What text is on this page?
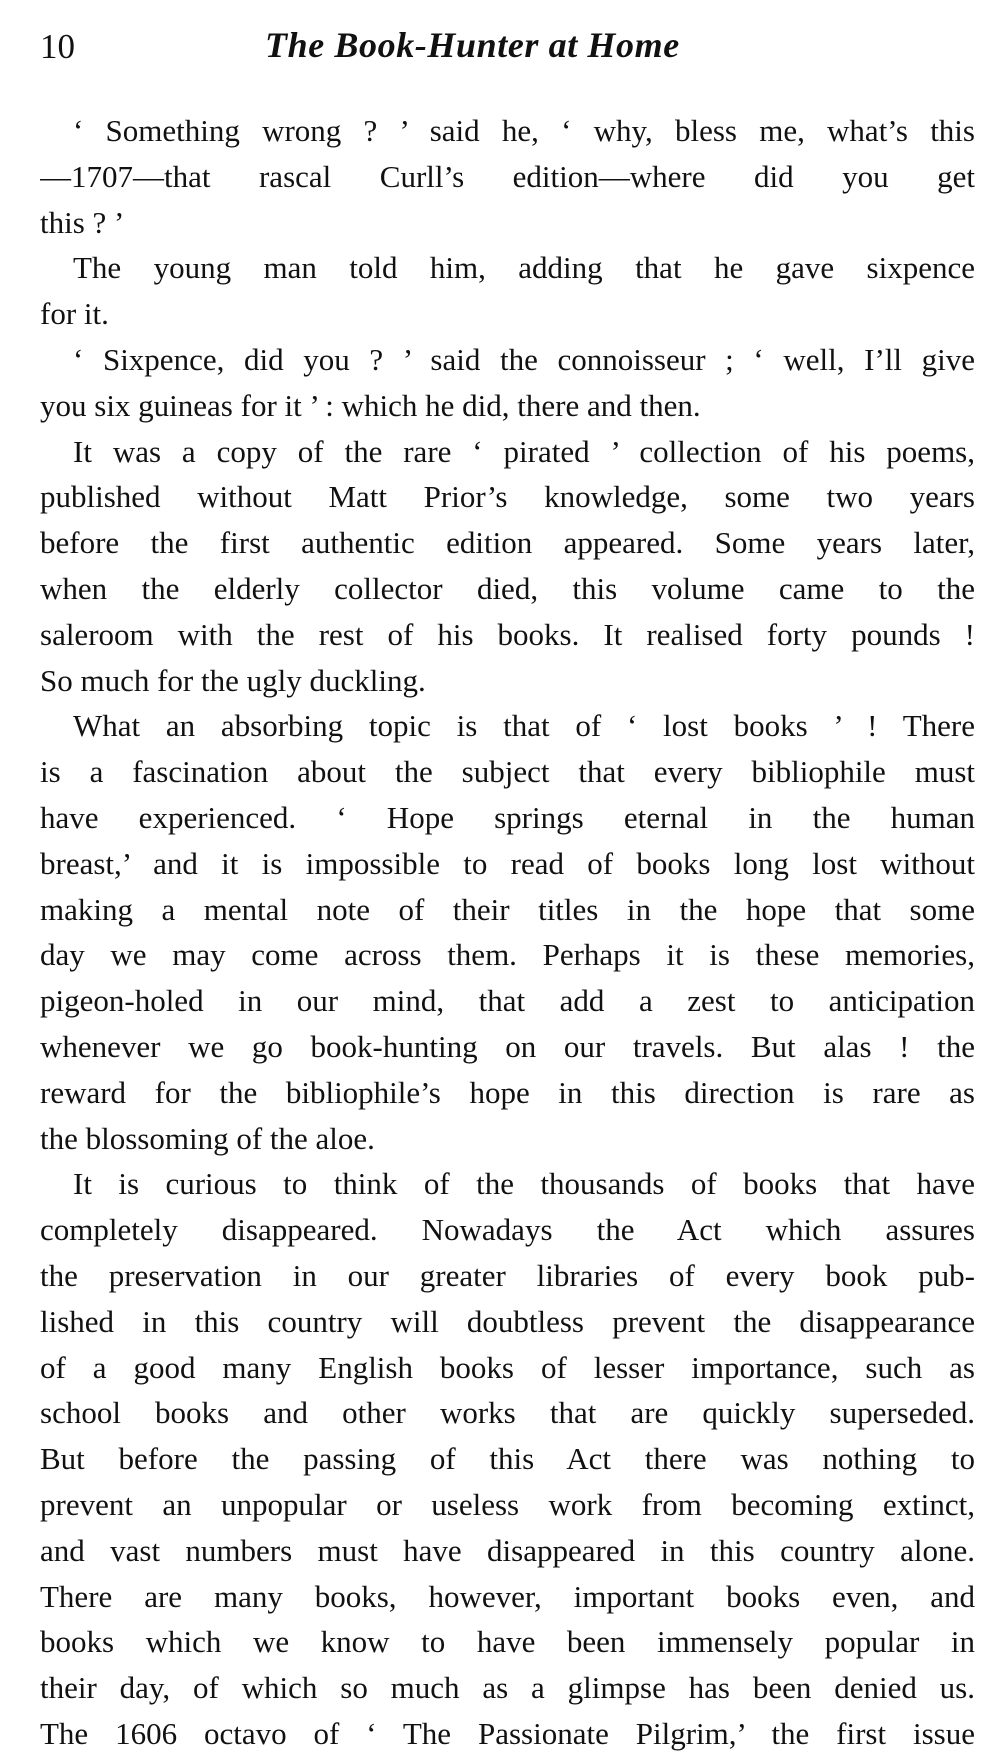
10	The Book-Hunter at Home
‘ Something wrong ? ’ said he, ‘ why, bless me, what’s this
—1707—that rascal Curll’s edition—where did you get
this ? ’
The young man told him, adding that he gave sixpence
for it.
‘ Sixpence, did you ? ’ said the connoisseur ; ‘ well, I’ll give
you six guineas for it ’ : which he did, there and then.
It was a copy of the rare ‘ pirated ’ collection of his poems,
published without Matt Prior’s knowledge, some two years
before the first authentic edition appeared. Some years later,
when the elderly collector died, this volume came to the
saleroom with the rest of his books. It realised forty pounds !
So much for the ugly duckling.
What an absorbing topic is that of ‘ lost books ’ ! There
is a fascination about the subject that every bibliophile must
have experienced. ‘ Hope springs eternal in the human
breast,’ and it is impossible to read of books long lost without
making a mental note of their titles in the hope that some
day we may come across them. Perhaps it is these memories,
pigeon-holed in our mind, that add a zest to anticipation
whenever we go book-hunting on our travels. But alas ! the
reward for the bibliophile’s hope in this direction is rare as
the blossoming of the aloe.
It is curious to think of the thousands of books that have
completely disappeared. Nowadays the Act which assures
the preservation in our greater libraries of every book pub-
lished in this country will doubtless prevent the disappearance
of a good many English books of lesser importance, such as
school books and other works that are quickly superseded.
But before the passing of this Act there was nothing to
prevent an unpopular or useless work from becoming extinct,
and vast numbers must have disappeared in this country alone.
There are many books, however, important books even, and
books which we know to have been immensely popular in
their day, of which so much as a glimpse has been denied us.
The 1606 octavo of ‘ The Passionate Pilgrim,’ the first issue
